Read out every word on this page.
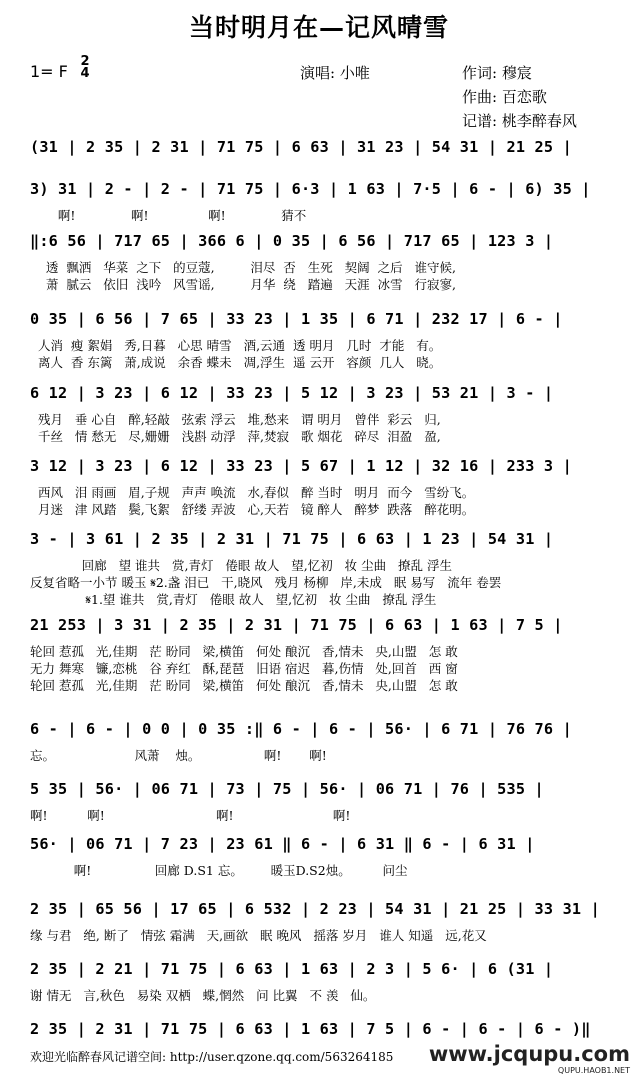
当时明月在—记风晴雪
1= F
2
4	演唱: 小唯	作词: 穆宸
作曲: 百恋歌
记谱: 桃李醉春风
(31 | 2 35 | 2 31 | 71 75 | 6 63 | 31 23 | 54 31 | 21 25 |
3) 31 | 2 - | 2 - | 71 75 | 6·3 | 1 63 | 7·5 | 6 - | 6) 35 |
啊!              啊!               啊!              猜不
‖:6 56 | 717 65 | 366 6 | 0 35 | 6 56 | 717 65 | 123 3 |
透  飘洒   华菜  之下   的豆蔻,         泪尽  否   生死   契阔  之后   谁守候,
萧  腻云   依旧  浅吟   风雪谣,         月华  绕   踏遍   天涯  冰雪   行寂寥,
0 35 | 6 56 | 7 65 | 33 23 | 1 35 | 6 71 | 232 17 | 6 - |
人消  瘦 絮娟   秀,日暮   心思 晴雪   酒,云通  透 明月   几时  才能   有。
离人  香 东篱   萧,成说   余香 蝶未   凋,浮生  遥 云开   容颜  几人   晓。
6 12 | 3 23 | 6 12 | 33 23 | 5 12 | 3 23 | 53 21 | 3 - |
残月   垂 心自   醉,轻敲   弦索 浮云   堆,愁来   谓 明月   曾伴  彩云   归,
千丝   情 愁无   尽,姗姗   浅斟 动浮   萍,焚寂   歌 烟花   碎尽  泪盈   盈,
3 12 | 3 23 | 6 12 | 33 23 | 5 67 | 1 12 | 32 16 | 233 3 |
西风   泪 雨画   眉,子规   声声 唤流   水,春似   醉 当时   明月  而今   雪纷飞。
月迷   津 风踏   鬓,飞絮   舒缕 弄波   心,天若   镜 醉人   醉梦  跌落   醉花明。
3 - | 3 61 | 2 35 | 2 31 | 71 75 | 6 63 | 1 23 | 54 31 |
回廊   望 谁共   赏,青灯   倦眼 故人   望,忆初   妆 尘曲   撩乱 浮生
反复省略一小节 暖玉 𝄋2.盏 泪已   干,晓风   残月 杨柳   岸,未成   眠 易写   流年 卷罢
𝄋1.望 谁共   赏,青灯   倦眼 故人   望,忆初   妆 尘曲   撩乱 浮生
21 253 | 3 31 | 2 35 | 2 31 | 71 75 | 6 63 | 1 63 | 7 5 |
轮回 惹孤   光,佳期   茫 盼同   梁,横笛   何处 酿沉   香,情未   央,山盟   怎 敢
无力 舞寒   镰,恋桃   谷 弃红   酥,琵琶   旧语 宿迟   暮,伤情   处,回首   西 窗
轮回 惹孤   光,佳期   茫 盼同   梁,横笛   何处 酿沉   香,情未   央,山盟   怎 敢
6 - | 6 - | 0 0 | 0 35 :‖ 6 - | 6 - | 56· | 6 71 | 76 76 |
忘。                    风萧    烛。                啊!       啊!
5 35 | 56· | 06 71 | 73 | 75 | 56· | 06 71 | 76 | 535 |
啊!          啊!                            啊!                         啊!
56· | 06 71 | 7 23 | 23 61 ‖ 6 - | 6 31 ‖ 6 - | 6 31 |
啊!                回廊 D.S1 忘。       暖玉D.S2烛。        问尘
2 35 | 65 56 | 17 65 | 6 532 | 2 23 | 54 31 | 21 25 | 33 31 |
缘 与君   绝, 断了   情弦 霜满   天,画欲   眠 晚风   摇落 岁月   谁人 知遥   远,花又
2 35 | 2 21 | 71 75 | 6 63 | 1 63 | 2 3 | 5 6· | 6 (31 |
谢 情无   言,秋色   易染 双栖   蝶,惘然   问 比翼   不 羡   仙。
2 35 | 2 31 | 71 75 | 6 63 | 1 63 | 7 5 | 6 - | 6 - | 6 - )‖
欢迎光临醉春风记谱空间: http://user.qzone.qq.com/563264185 www.jcqupu.com
QUPU.HAOB1.NET
